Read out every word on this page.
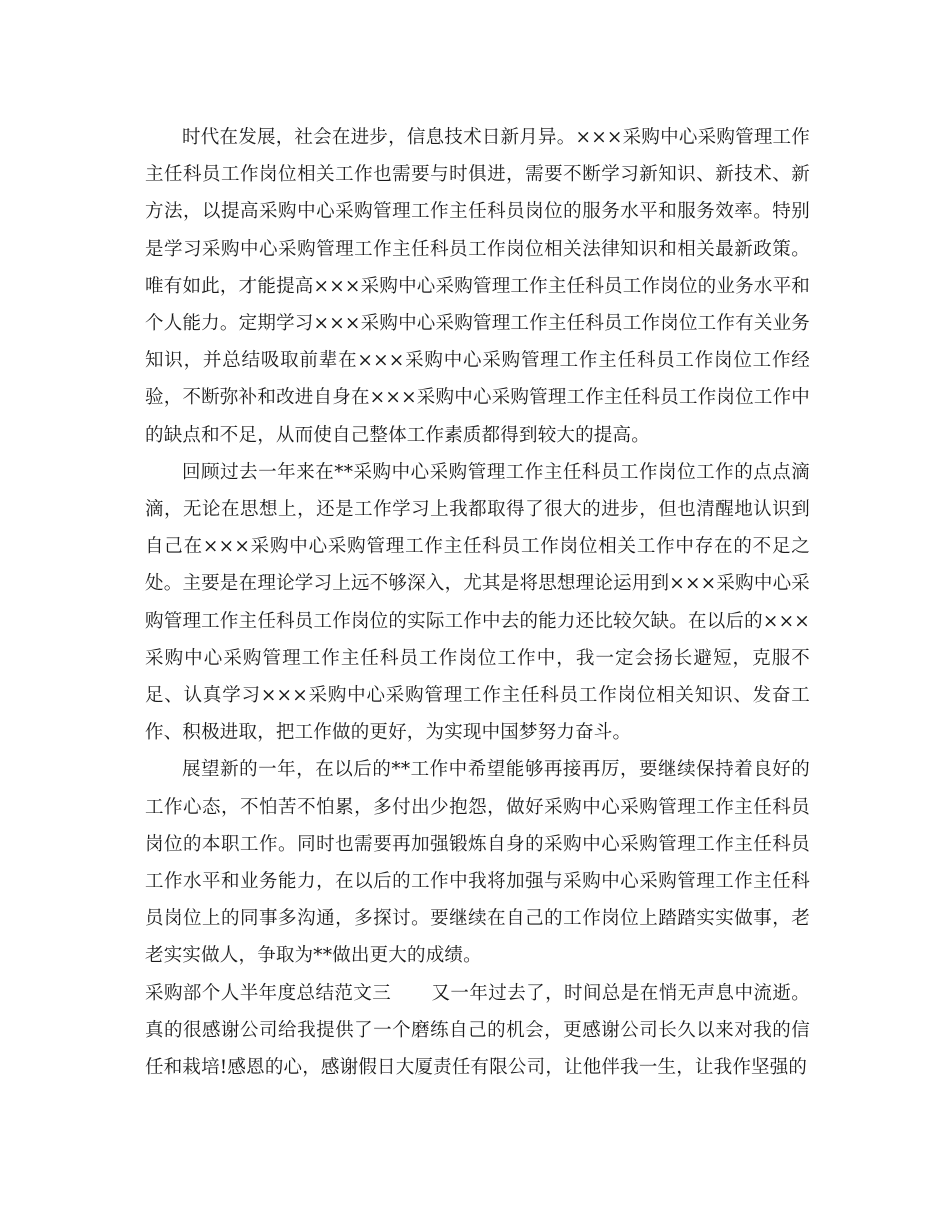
时代在发展，社会在进步，信息技术日新月异。×××采购中心采购管理工作主任科员工作岗位相关工作也需要与时俱进，需要不断学习新知识、新技术、新方法，以提高采购中心采购管理工作主任科员岗位的服务水平和服务效率。特别是学习采购中心采购管理工作主任科员工作岗位相关法律知识和相关最新政策。唯有如此，才能提高×××采购中心采购管理工作主任科员工作岗位的业务水平和个人能力。定期学习×××采购中心采购管理工作主任科员工作岗位工作有关业务知识，并总结吸取前辈在×××采购中心采购管理工作主任科员工作岗位工作经验，不断弥补和改进自身在×××采购中心采购管理工作主任科员工作岗位工作中的缺点和不足，从而使自己整体工作素质都得到较大的提高。

回顾过去一年来在**采购中心采购管理工作主任科员工作岗位工作的点点滴滴，无论在思想上，还是工作学习上我都取得了很大的进步，但也清醒地认识到自己在×××采购中心采购管理工作主任科员工作岗位相关工作中存在的不足之处。主要是在理论学习上远不够深入，尤其是将思想理论运用到×××采购中心采购管理工作主任科员工作岗位的实际工作中去的能力还比较欠缺。在以后的×××采购中心采购管理工作主任科员工作岗位工作中，我一定会扬长避短，克服不足、认真学习×××采购中心采购管理工作主任科员工作岗位相关知识、发奋工作、积极进取，把工作做的更好，为实现中国梦努力奋斗。

展望新的一年，在以后的**工作中希望能够再接再厉，要继续保持着良好的工作心态，不怕苦不怕累，多付出少抱怨，做好采购中心采购管理工作主任科员岗位的本职工作。同时也需要再加强锻炼自身的采购中心采购管理工作主任科员工作水平和业务能力，在以后的工作中我将加强与采购中心采购管理工作主任科员岗位上的同事多沟通，多探讨。要继续在自己的工作岗位上踏踏实实做事，老老实实做人，争取为**做出更大的成绩。

采购部个人半年度总结范文三 又一年过去了，时间总是在悄无声息中流逝。真的很感谢公司给我提供了一个磨练自己的机会，更感谢公司长久以来对我的信任和栽培!感恩的心，感谢假日大厦责任有限公司，让他伴我一生，让我作坚强的
